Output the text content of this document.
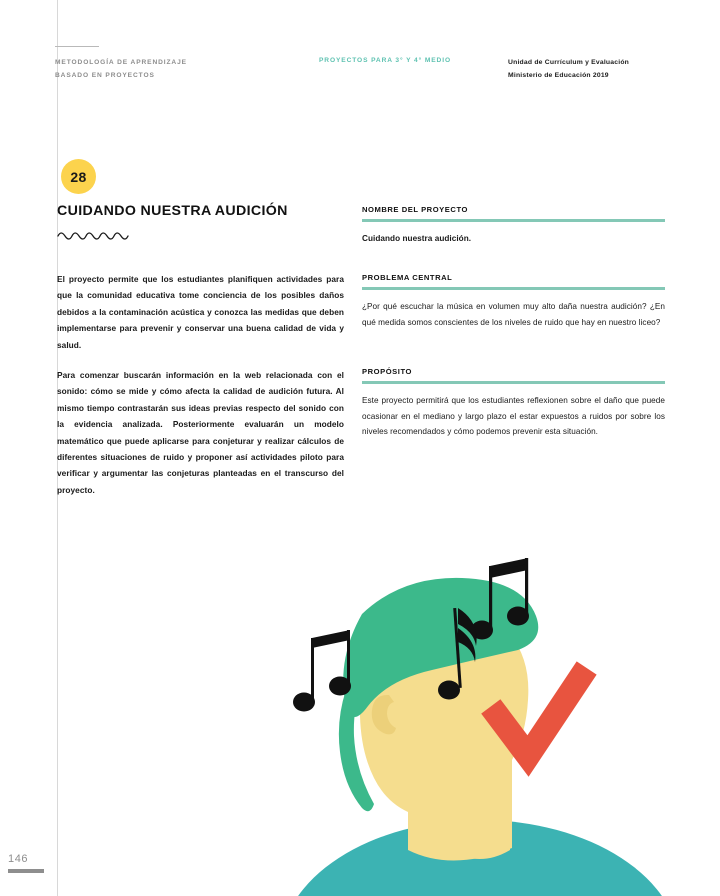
METODOLOGÍA DE APRENDIZAJE
BASADO EN PROYECTOS
PROYECTOS PARA 3° Y 4° MEDIO	Unidad de Currículum y Evaluación
Ministerio de Educación 2019
28
CUIDANDO NUESTRA AUDICIÓN

El proyecto permite que los estudiantes planifiquen actividades para que la comunidad educativa tome conciencia de los posibles daños debidos a la contaminación acústica y conozca las medidas que deben implementarse para prevenir y conservar una buena calidad de vida y salud.

Para comenzar buscarán información en la web relacionada con el sonido: cómo se mide y cómo afecta la calidad de audición futura. Al mismo tiempo contrastarán sus ideas previas respecto del sonido con la evidencia analizada. Posteriormente evaluarán un modelo matemático que puede aplicarse para conjeturar y realizar cálculos de diferentes situaciones de ruido y proponer así actividades piloto para verificar y argumentar las conjeturas planteadas en el transcurso del proyecto.

NOMBRE DEL PROYECTO
Cuidando nuestra audición.
PROBLEMA CENTRAL
¿Por qué escuchar la música en volumen muy alto daña nuestra audición? ¿En qué medida somos conscientes de los niveles de ruido que hay en nuestro liceo?
PROPÓSITO
Este proyecto permitirá que los estudiantes reflexionen sobre el daño que puede ocasionar en el mediano y largo plazo el estar expuestos a ruidos por sobre los niveles recomendados y cómo podemos prevenir esta situación.
146
